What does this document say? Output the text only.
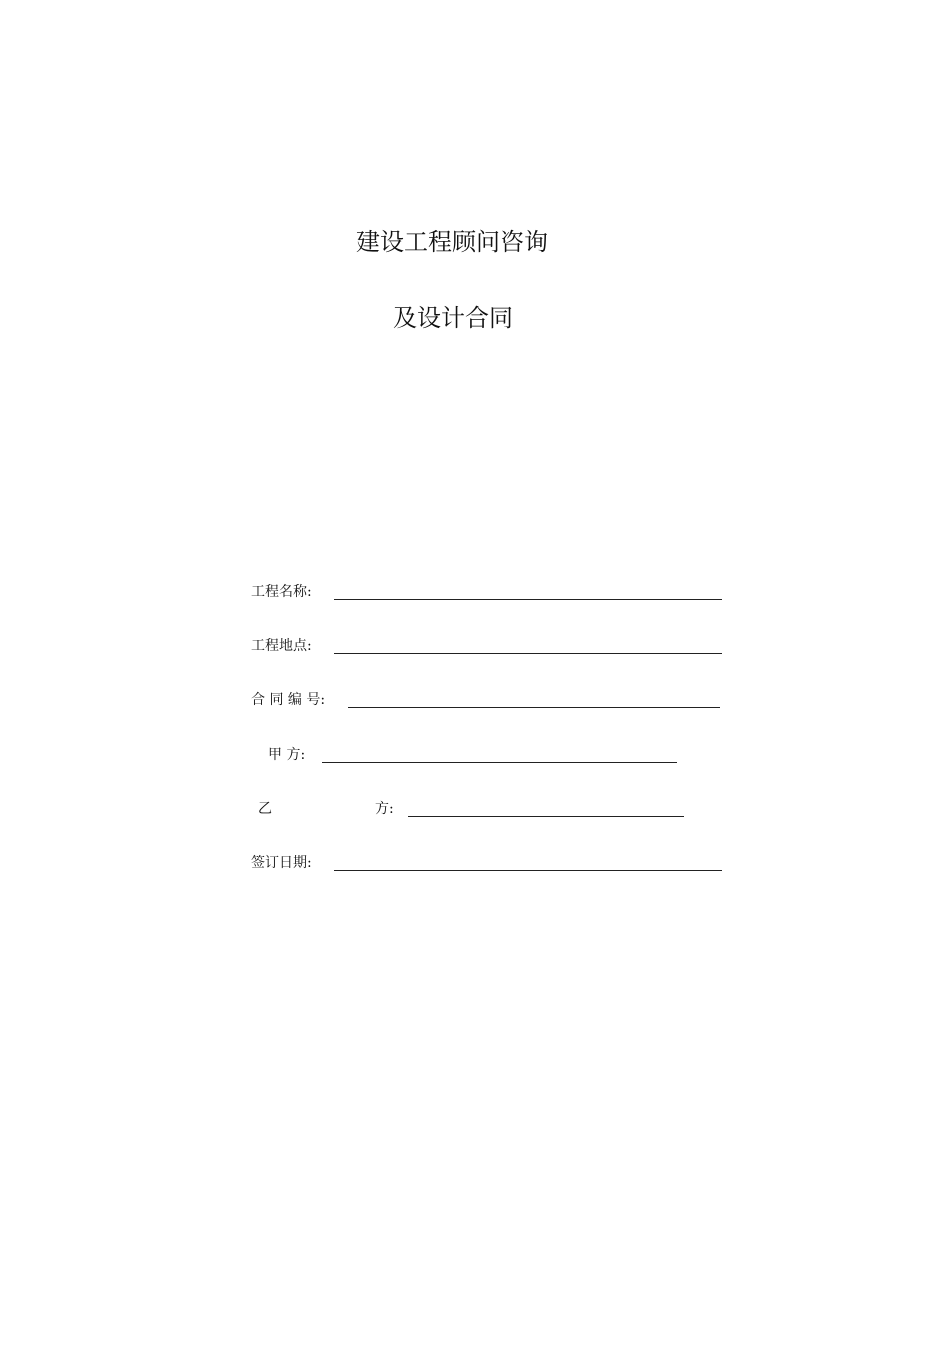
建设工程顾问咨询
及设计合同
工程名称:
工程地点:
合 同 编 号:
甲 方:
乙	方:
签订日期:
